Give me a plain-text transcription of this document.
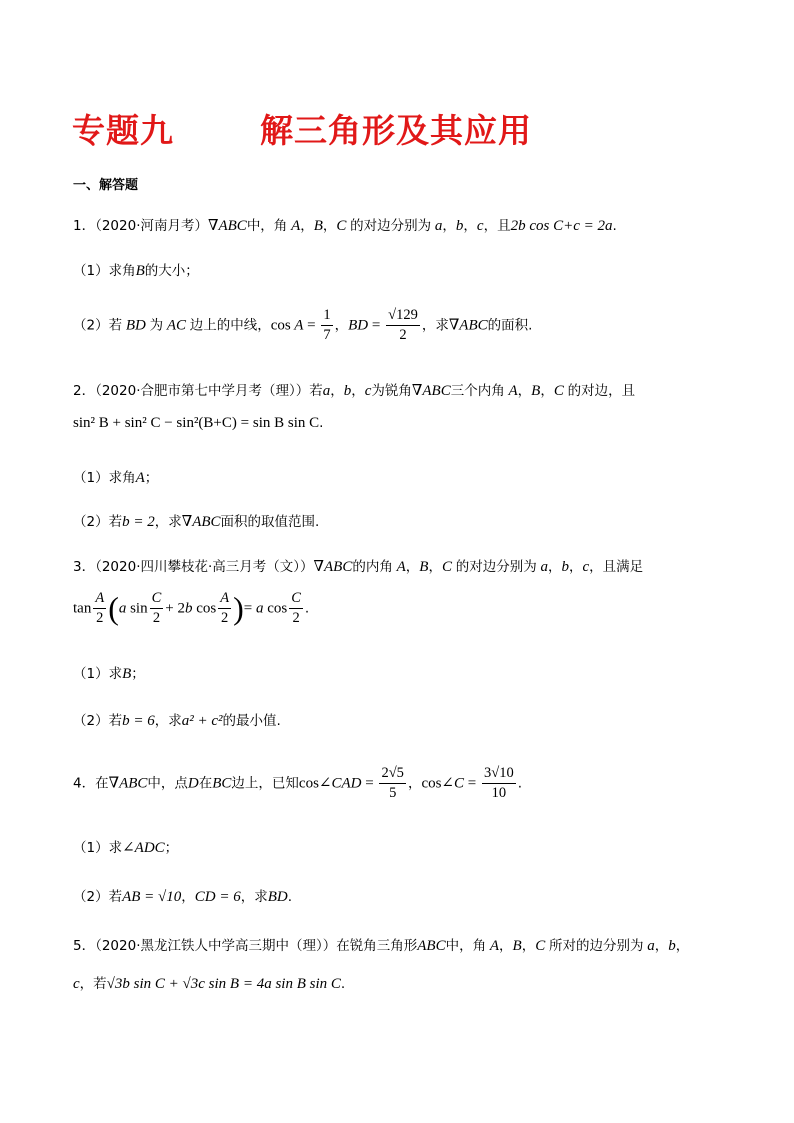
专题九	解三角形及其应用
一、解答题
1．（2020·河南月考）∇ABC中，角 A，B，C 的对边分别为 a，b，c，且2b cos C+c = 2a.
（1）求角B的大小；
（2）若 BD 为 AC 边上的中线，$\cos A = \frac{1}{7}$ ，BD = $\frac{√129}{2}$ ，求∇ABC的面积.
2．（2020·合肥市第七中学月考（理））若a，b，c为锐角∇ABC三个内角 A，B，C 的对边，且
sin² B + sin² C − sin²(B+C) = sin B sin C.
（1）求角A；
（2）若b = 2，求∇ABC面积的取值范围.
3．（2020·四川攀枝花·高三月考（文））∇ABC的内角 A，B，C 的对边分别为 a，b，c，且满足
$\tan \frac{A}{2} (a$ $\sin \frac{C}{2} + 2b$ $\cos \frac{A}{2}$ )= a $\cos \frac{C}{2}$ .
（1）求B；
（2）若b = 6，求a² + c²的最小值.
4．在∇ABC中，点D在BC边上，已知cos∠CAD = $\frac{2√5}{5}$ ，cos∠C = $\frac{3√10}{10}$ .
（1）求∠ADC；
（2）若AB = √10，CD = 6，求BD.
5．（2020·黑龙江铁人中学高三期中（理））在锐角三角形ABC中，角 A，B，C 所对的边分别为 a，b，
c，若√3b sin C + √3c sin B = 4a sin B sin C.
